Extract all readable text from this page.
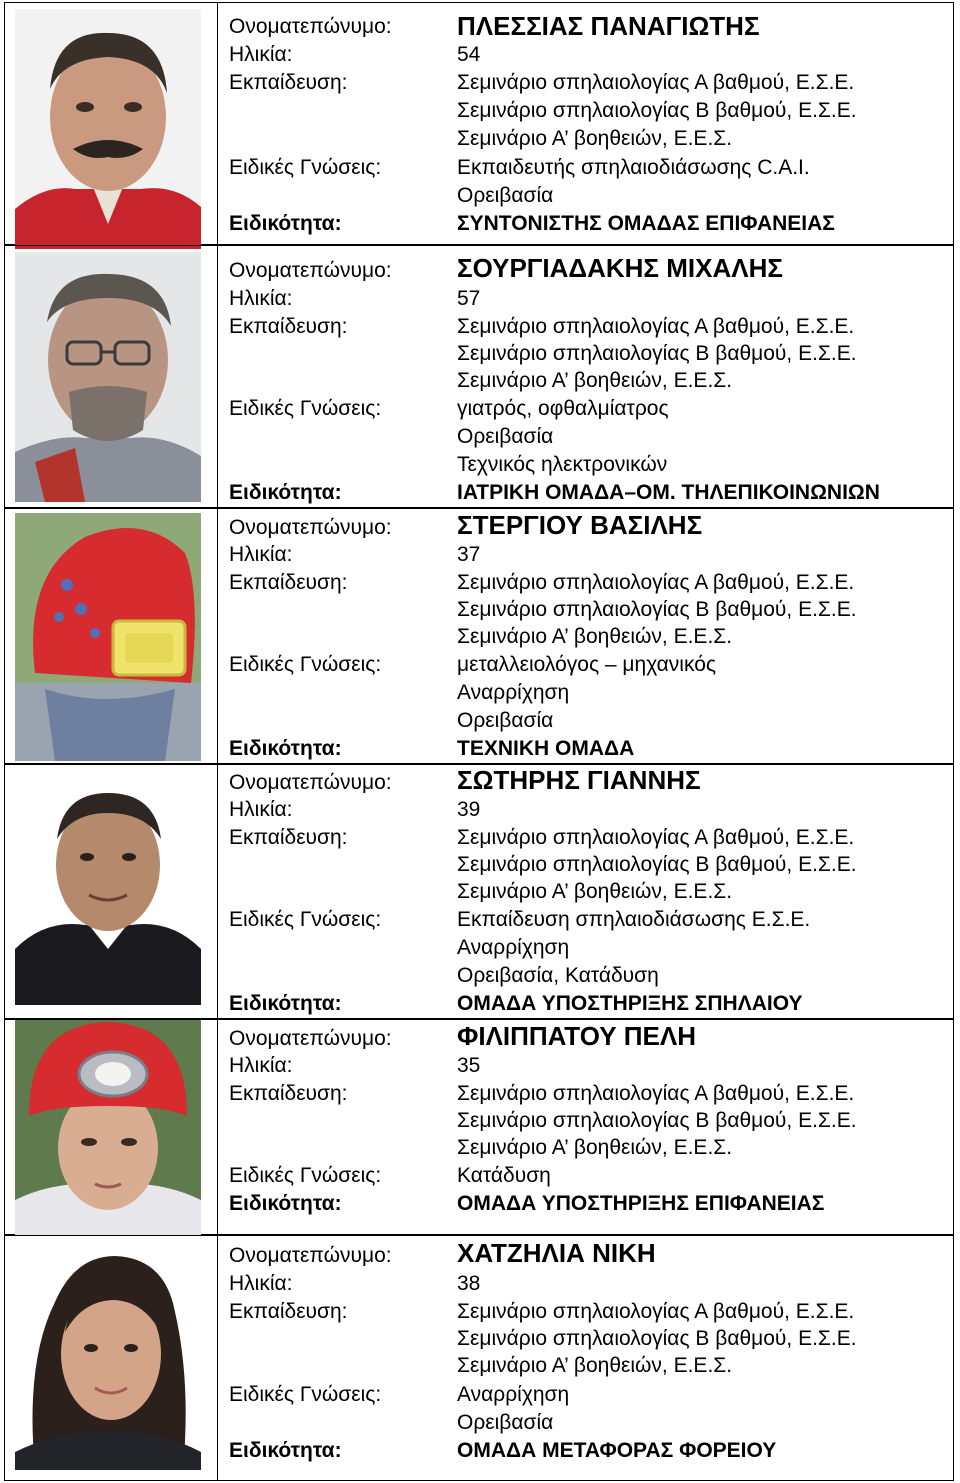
Ονοματεπώνυμο:	ΠΛΕΣΣΙΑΣ ΠΑΝΑΓΙΩΤΗΣ
Ηλικία:	54
Εκπαίδευση:	Σεμινάριο σπηλαιολογίας Α βαθμού, Ε.Σ.Ε.
Σεμινάριο σπηλαιολογίας Β βαθμού, Ε.Σ.Ε.
Σεμινάριο Α’ βοηθειών, Ε.Ε.Σ.
Ειδικές Γνώσεις:	Εκπαιδευτής σπηλαιοδιάσωσης C.A.I.
Ορειβασία
Ειδικότητα:	ΣΥΝΤΟΝΙΣΤΗΣ ΟΜΑΔΑΣ ΕΠΙΦΑΝΕΙΑΣ
Ονοματεπώνυμο:	ΣΟΥΡΓΙΑΔΑΚΗΣ ΜΙΧΑΛΗΣ
Ηλικία:	57
Εκπαίδευση:	Σεμινάριο σπηλαιολογίας Α βαθμού, Ε.Σ.Ε.
Σεμινάριο σπηλαιολογίας Β βαθμού, Ε.Σ.Ε.
Σεμινάριο Α’ βοηθειών, Ε.Ε.Σ.
Ειδικές Γνώσεις:	γιατρός, οφθαλμίατρος
Ορειβασία
Τεχνικός ηλεκτρονικών
Ειδικότητα:	ΙΑΤΡΙΚΗ ΟΜΑΔΑ–ΟΜ. ΤΗΛΕΠΙΚΟΙΝΩΝΙΩΝ
Ονοματεπώνυμο:	ΣΤΕΡΓΙΟΥ ΒΑΣΙΛΗΣ
Ηλικία:	37
Εκπαίδευση:	Σεμινάριο σπηλαιολογίας Α βαθμού, Ε.Σ.Ε.
Σεμινάριο σπηλαιολογίας Β βαθμού, Ε.Σ.Ε.
Σεμινάριο Α’ βοηθειών, Ε.Ε.Σ.
Ειδικές Γνώσεις:	μεταλλειολόγος – μηχανικός
Αναρρίχηση
Ορειβασία
Ειδικότητα:	ΤΕΧΝΙΚΗ ΟΜΑΔΑ
Ονοματεπώνυμο:	ΣΩΤΗΡΗΣ ΓΙΑΝΝΗΣ
Ηλικία:	39
Εκπαίδευση:	Σεμινάριο σπηλαιολογίας Α βαθμού, Ε.Σ.Ε.
Σεμινάριο σπηλαιολογίας Β βαθμού, Ε.Σ.Ε.
Σεμινάριο Α’ βοηθειών, Ε.Ε.Σ.
Ειδικές Γνώσεις:	Εκπαίδευση σπηλαιοδιάσωσης Ε.Σ.Ε.
Αναρρίχηση
Ορειβασία, Κατάδυση
Ειδικότητα:	ΟΜΑΔΑ ΥΠΟΣΤΗΡΙΞΗΣ ΣΠΗΛΑΙΟΥ
Ονοματεπώνυμο:	ΦΙΛΙΠΠΑΤΟΥ ΠΕΛΗ
Ηλικία:	35
Εκπαίδευση:	Σεμινάριο σπηλαιολογίας Α βαθμού, Ε.Σ.Ε.
Σεμινάριο σπηλαιολογίας Β βαθμού, Ε.Σ.Ε.
Σεμινάριο Α’ βοηθειών, Ε.Ε.Σ.
Ειδικές Γνώσεις:	Κατάδυση
Ειδικότητα:	ΟΜΑΔΑ ΥΠΟΣΤΗΡΙΞΗΣ ΕΠΙΦΑΝΕΙΑΣ
Ονοματεπώνυμο:	ΧΑΤΖΗΛΙΑ ΝΙΚΗ
Ηλικία:	38
Εκπαίδευση:	Σεμινάριο σπηλαιολογίας Α βαθμού, Ε.Σ.Ε.
Σεμινάριο σπηλαιολογίας Β βαθμού, Ε.Σ.Ε.
Σεμινάριο Α’ βοηθειών, Ε.Ε.Σ.
Ειδικές Γνώσεις:	Αναρρίχηση
Ορειβασία
Ειδικότητα:	ΟΜΑΔΑ ΜΕΤΑΦΟΡΑΣ ΦΟΡΕΙΟΥ
